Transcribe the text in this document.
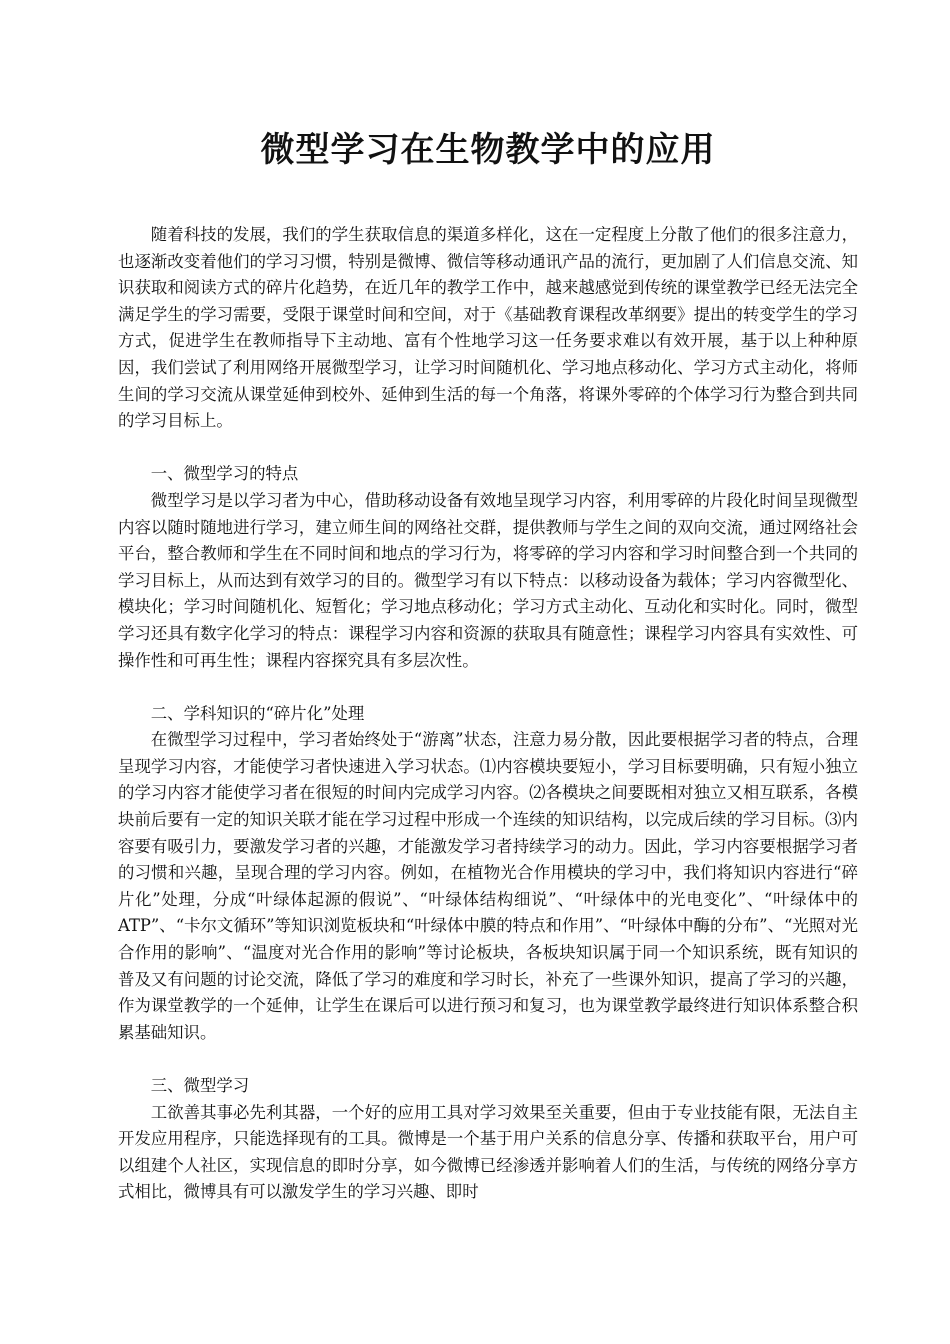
微型学习在生物教学中的应用

随着科技的发展，我们的学生获取信息的渠道多样化，这在一定程度上分散了他们的很多注意力，也逐渐改变着他们的学习习惯，特别是微博、微信等移动通讯产品的流行，更加剧了人们信息交流、知识获取和阅读方式的碎片化趋势，在近几年的教学工作中，越来越感觉到传统的课堂教学已经无法完全满足学生的学习需要，受限于课堂时间和空间，对于《基础教育课程改革纲要》提出的转变学生的学习方式，促进学生在教师指导下主动地、富有个性地学习这一任务要求难以有效开展，基于以上种种原因，我们尝试了利用网络开展微型学习，让学习时间随机化、学习地点移动化、学习方式主动化，将师生间的学习交流从课堂延伸到校外、延伸到生活的每一个角落，将课外零碎的个体学习行为整合到共同的学习目标上。

一、微型学习的特点

微型学习是以学习者为中心，借助移动设备有效地呈现学习内容，利用零碎的片段化时间呈现微型内容以随时随地进行学习，建立师生间的网络社交群，提供教师与学生之间的双向交流，通过网络社会平台，整合教师和学生在不同时间和地点的学习行为，将零碎的学习内容和学习时间整合到一个共同的学习目标上，从而达到有效学习的目的。微型学习有以下特点：以移动设备为载体；学习内容微型化、模块化；学习时间随机化、短暂化；学习地点移动化；学习方式主动化、互动化和实时化。同时，微型学习还具有数字化学习的特点：课程学习内容和资源的获取具有随意性；课程学习内容具有实效性、可操作性和可再生性；课程内容探究具有多层次性。

二、学科知识的“碎片化”处理

在微型学习过程中，学习者始终处于“游离”状态，注意力易分散，因此要根据学习者的特点，合理呈现学习内容，才能使学习者快速进入学习状态。⑴内容模块要短小，学习目标要明确，只有短小独立的学习内容才能使学习者在很短的时间内完成学习内容。⑵各模块之间要既相对独立又相互联系，各模块前后要有一定的知识关联才能在学习过程中形成一个连续的知识结构，以完成后续的学习目标。⑶内容要有吸引力，要激发学习者的兴趣，才能激发学习者持续学习的动力。因此，学习内容要根据学习者的习惯和兴趣，呈现合理的学习内容。例如，在植物光合作用模块的学习中，我们将知识内容进行“碎片化”处理，分成“叶绿体起源的假说”、“叶绿体结构细说”、“叶绿体中的光电变化”、“叶绿体中的ATP”、“卡尔文循环”等知识浏览板块和“叶绿体中膜的特点和作用”、“叶绿体中酶的分布”、“光照对光合作用的影响”、“温度对光合作用的影响”等讨论板块，各板块知识属于同一个知识系统，既有知识的普及又有问题的讨论交流，降低了学习的难度和学习时长，补充了一些课外知识，提高了学习的兴趣，作为课堂教学的一个延伸，让学生在课后可以进行预习和复习，也为课堂教学最终进行知识体系整合积累基础知识。

三、微型学习

工欲善其事必先利其器，一个好的应用工具对学习效果至关重要，但由于专业技能有限，无法自主开发应用程序，只能选择现有的工具。微博是一个基于用户关系的信息分享、传播和获取平台，用户可以组建个人社区，实现信息的即时分享，如今微博已经渗透并影响着人们的生活，与传统的网络分享方式相比，微博具有可以激发学生的学习兴趣、即时
